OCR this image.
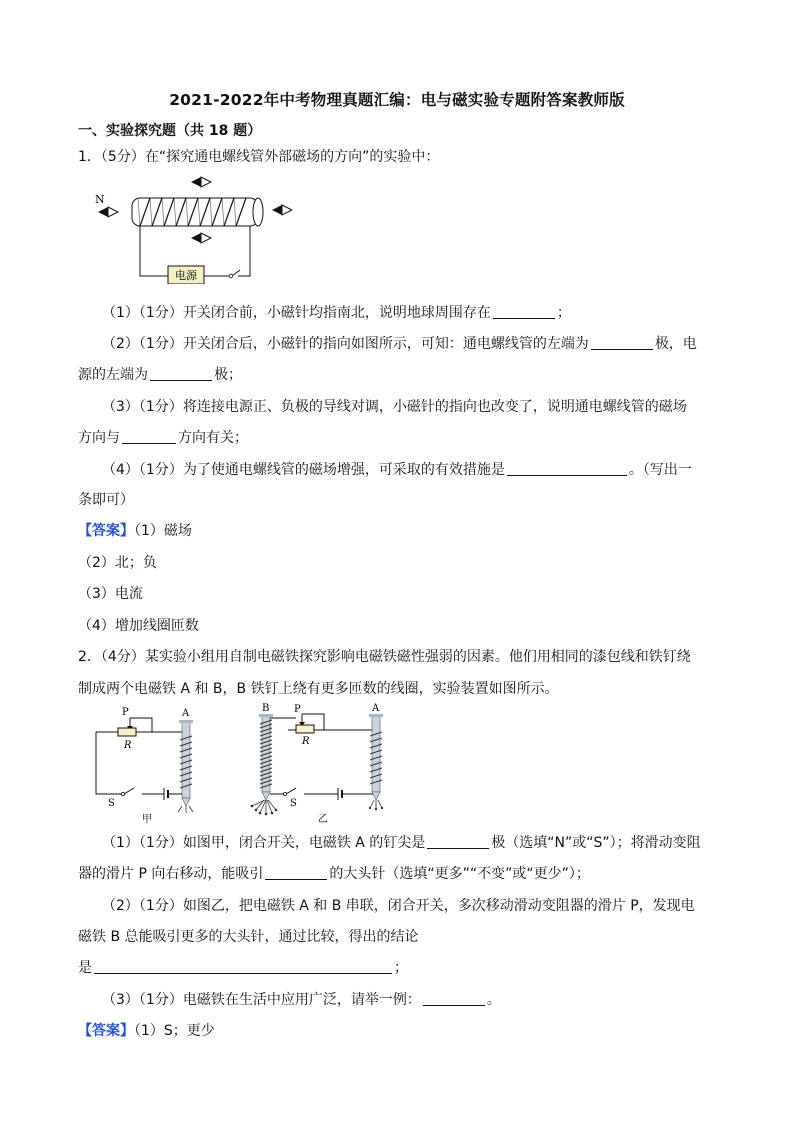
2021-2022年中考物理真题汇编：电与磁实验专题附答案教师版
一、实验探究题（共 18 题）
1．（5分）在“探究通电螺线管外部磁场的方向”的实验中：
N
电源
（1）（1分）开关闭合前，小磁针均指南北，说明地球周围存在	；
（2）（1分）开关闭合后，小磁针的指向如图所示，可知：通电螺线管的左端为	极，电
源的左端为	极；
（3）（1分）将连接电源正、负极的导线对调，小磁针的指向也改变了，说明通电螺线管的磁场
方向与	方向有关；
（4）（1分）为了使通电螺线管的磁场增强，可采取的有效措施是	。（写出一
条即可）
【答案】（1）磁场
（2）北；负
（3）电流
（4）增加线圈匝数
2．（4分）某实验小组用自制电磁铁探究影响电磁铁磁性强弱的因素。他们用相同的漆包线和铁钉绕
制成两个电磁铁 A 和 B，B 铁钉上绕有更多匝数的线圈，实验装置如图所示。
P
R
A
S
甲
B P
R
A
S
乙
（1）（1分）如图甲，闭合开关，电磁铁 A 的钉尖是	极（选填“N”或“S”）；将滑动变阻
器的滑片 P 向右移动，能吸引	的大头针（选填“更多”“不变”或“更少”）；
（2）（1分）如图乙，把电磁铁 A 和 B 串联，闭合开关，多次移动滑动变阻器的滑片 P，发现电
磁铁 B 总能吸引更多的大头针，通过比较，得出的结论
是	；
（3）（1分）电磁铁在生活中应用广泛，请举一例：	。
【答案】（1）S；更少
